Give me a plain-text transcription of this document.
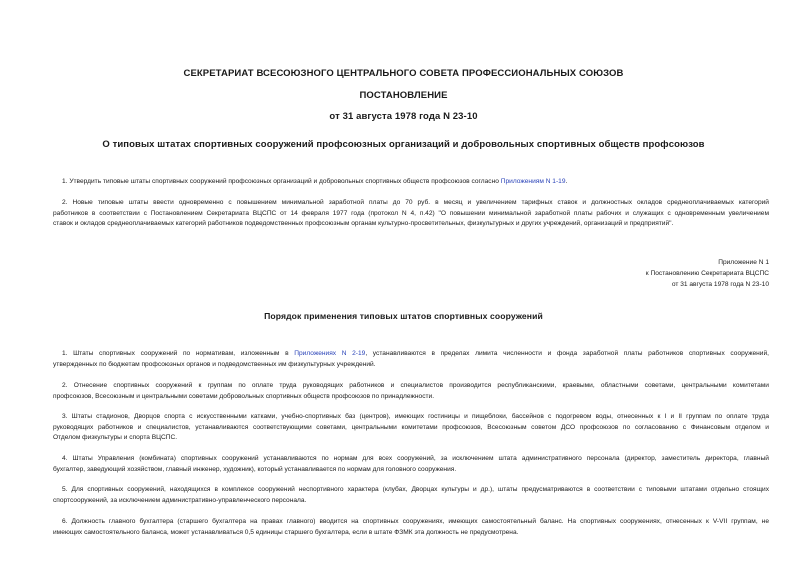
СЕКРЕТАРИАТ ВСЕСОЮЗНОГО ЦЕНТРАЛЬНОГО СОВЕТА ПРОФЕССИОНАЛЬНЫХ СОЮЗОВ
ПОСТАНОВЛЕНИЕ
от 31 августа 1978 года N 23-10
О типовых штатах спортивных сооружений профсоюзных организаций и добровольных спортивных обществ профсоюзов
1. Утвердить типовые штаты спортивных сооружений профсоюзных организаций и добровольных спортивных обществ профсоюзов согласно Приложениям N 1-19.
2. Новые типовые штаты ввести одновременно с повышением минимальной заработной платы до 70 руб. в месяц и увеличением тарифных ставок и должностных окладов среднеоплачиваемых категорий
работников в соответствии с Постановлением Секретариата ВЦСПС от 14 февраля 1977 года (протокол N 4, п.42) "О повышении минимальной заработной платы рабочих и служащих с одновременным увеличением
ставок и окладов среднеоплачиваемых категорий работников подведомственных профсоюзным органам культурно-просветительных, физкультурных и других учреждений, организаций и предприятий".
Приложение N 1
к Постановлению Секретариата ВЦСПС
от 31 августа 1978 года N 23-10
Порядок применения типовых штатов спортивных сооружений
1. Штаты спортивных сооружений по нормативам, изложенным в Приложениях N 2-19, устанавливаются в пределах лимита численности и фонда заработной платы работников спортивных сооружений,
утвержденных по бюджетам профсоюзных органов и подведомственных им физкультурных учреждений.
2. Отнесение спортивных сооружений к группам по оплате труда руководящих работников и специалистов производится республиканскими, краевыми, областными советами, центральными комитетами
профсоюзов, Всесоюзным и центральными советами добровольных спортивных обществ профсоюзов по принадлежности.
3. Штаты стадионов, Дворцов спорта с искусственными катками, учебно-спортивных баз (центров), имеющих гостиницы и пищеблоки, бассейнов с подогревом воды, отнесенных к I и II группам по оплате труда
руководящих работников и специалистов, устанавливаются соответствующими советами, центральными комитетами профсоюзов, Всесоюзным советом ДСО профсоюзов по согласованию с Финансовым отделом и
Отделом физкультуры и спорта ВЦСПС.
4. Штаты Управления (комбината) спортивных сооружений устанавливаются по нормам для всех сооружений, за исключением штата административного персонала (директор, заместитель директора, главный
бухгалтер, заведующий хозяйством, главный инженер, художник), который устанавливается по нормам для головного сооружения.
5. Для спортивных сооружений, находящихся в комплексе сооружений неспортивного характера (клубах, Дворцах культуры и др.), штаты предусматриваются в соответствии с типовыми штатами отдельно стоящих
спортсооружений, за исключением административно-управленческого персонала.
6. Должность главного бухгалтера (старшего бухгалтера на правах главного) вводится на спортивных сооружениях, имеющих самостоятельный баланс. На спортивных сооружениях, отнесенных к V-VII группам, не
имеющих самостоятельного баланса, может устанавливаться 0,5 единицы старшего бухгалтера, если в штате ФЗМК эта должность не предусмотрена.
